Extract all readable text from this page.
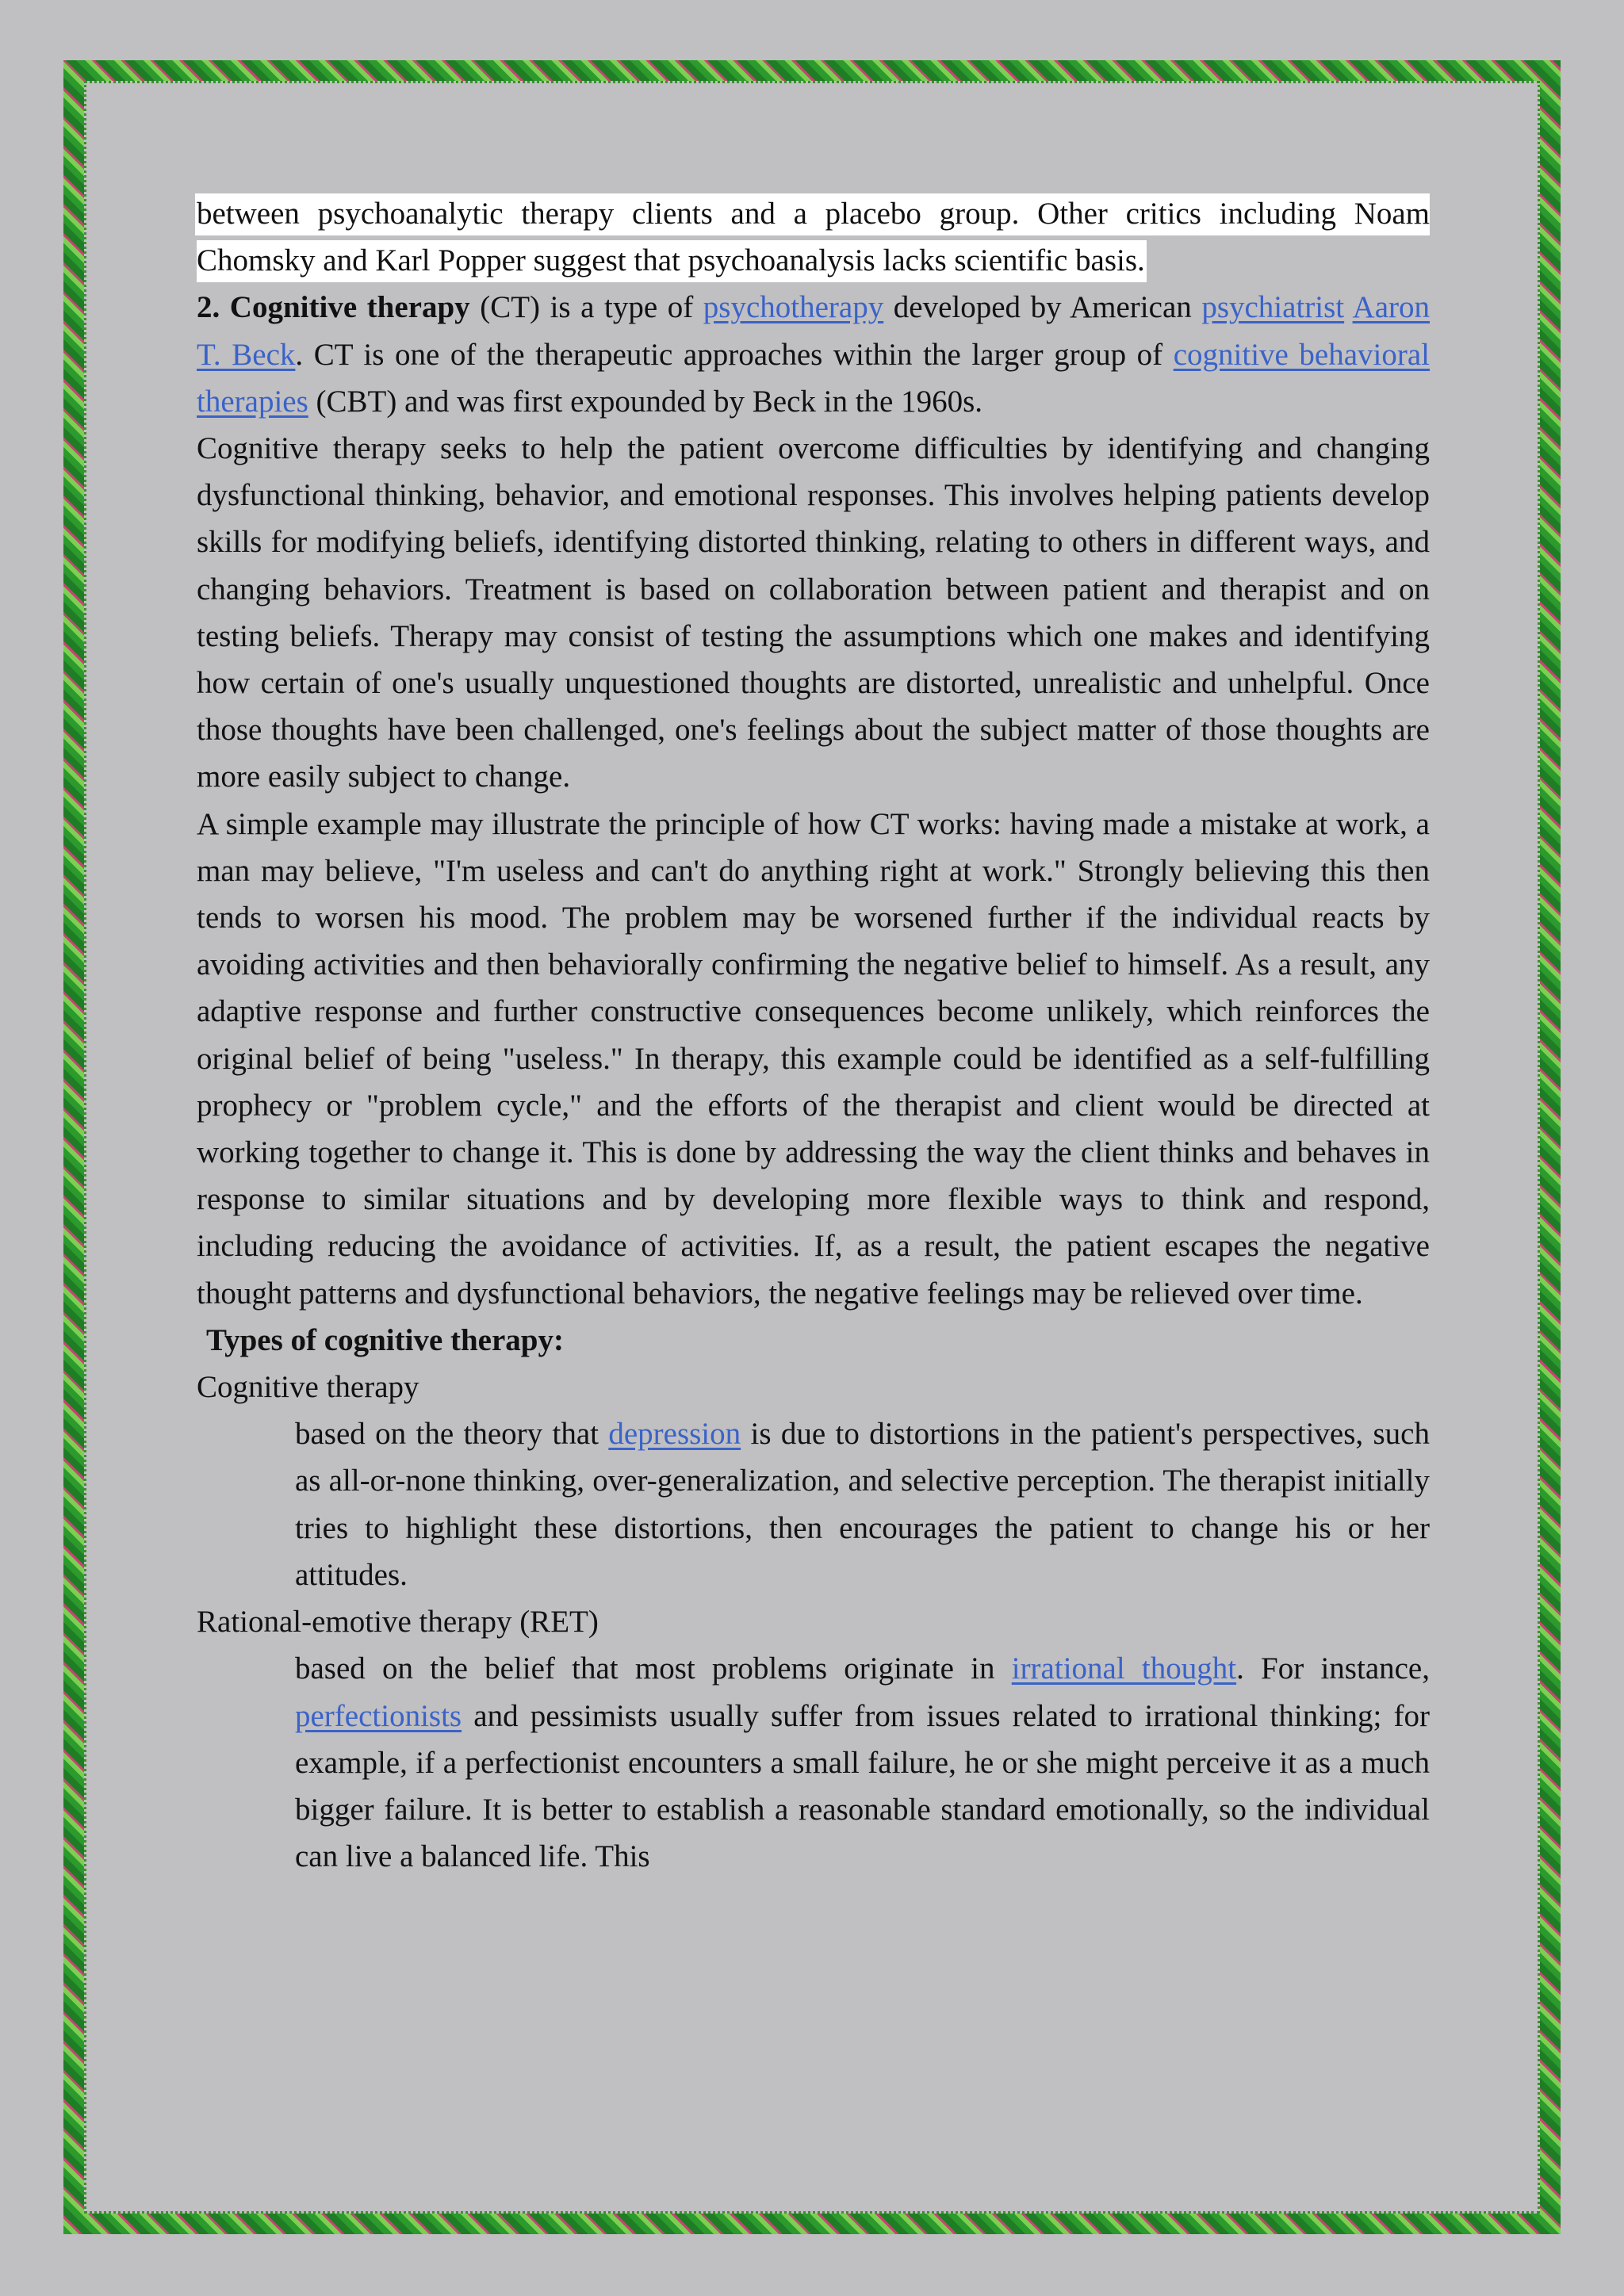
between psychoanalytic therapy clients and a placebo group. Other critics including Noam Chomsky and Karl Popper suggest that psychoanalysis lacks scientific basis.

2. Cognitive therapy (CT) is a type of psychotherapy developed by American psychiatrist Aaron T. Beck. CT is one of the therapeutic approaches within the larger group of cognitive behavioral therapies (CBT) and was first expounded by Beck in the 1960s.

Cognitive therapy seeks to help the patient overcome difficulties by identifying and changing dysfunctional thinking, behavior, and emotional responses. This involves helping patients develop skills for modifying beliefs, identifying distorted thinking, relating to others in different ways, and changing behaviors. Treatment is based on collaboration between patient and therapist and on testing beliefs. Therapy may consist of testing the assumptions which one makes and identifying how certain of one's usually unquestioned thoughts are distorted, unrealistic and unhelpful. Once those thoughts have been challenged, one's feelings about the subject matter of those thoughts are more easily subject to change.

A simple example may illustrate the principle of how CT works: having made a mistake at work, a man may believe, "I'm useless and can't do anything right at work." Strongly believing this then tends to worsen his mood. The problem may be worsened further if the individual reacts by avoiding activities and then behaviorally confirming the negative belief to himself. As a result, any adaptive response and further constructive consequences become unlikely, which reinforces the original belief of being "useless." In therapy, this example could be identified as a self-fulfilling prophecy or "problem cycle," and the efforts of the therapist and client would be directed at working together to change it. This is done by addressing the way the client thinks and behaves in response to similar situations and by developing more flexible ways to think and respond, including reducing the avoidance of activities. If, as a result, the patient escapes the negative thought patterns and dysfunctional behaviors, the negative feelings may be relieved over time.

Types of cognitive therapy:

Cognitive therapy

based on the theory that depression is due to distortions in the patient's perspectives, such as all-or-none thinking, over-generalization, and selective perception. The therapist initially tries to highlight these distortions, then encourages the patient to change his or her attitudes.

Rational-emotive therapy (RET)

based on the belief that most problems originate in irrational thought. For instance, perfectionists and pessimists usually suffer from issues related to irrational thinking; for example, if a perfectionist encounters a small failure, he or she might perceive it as a much bigger failure. It is better to establish a reasonable standard emotionally, so the individual can live a balanced life. This
